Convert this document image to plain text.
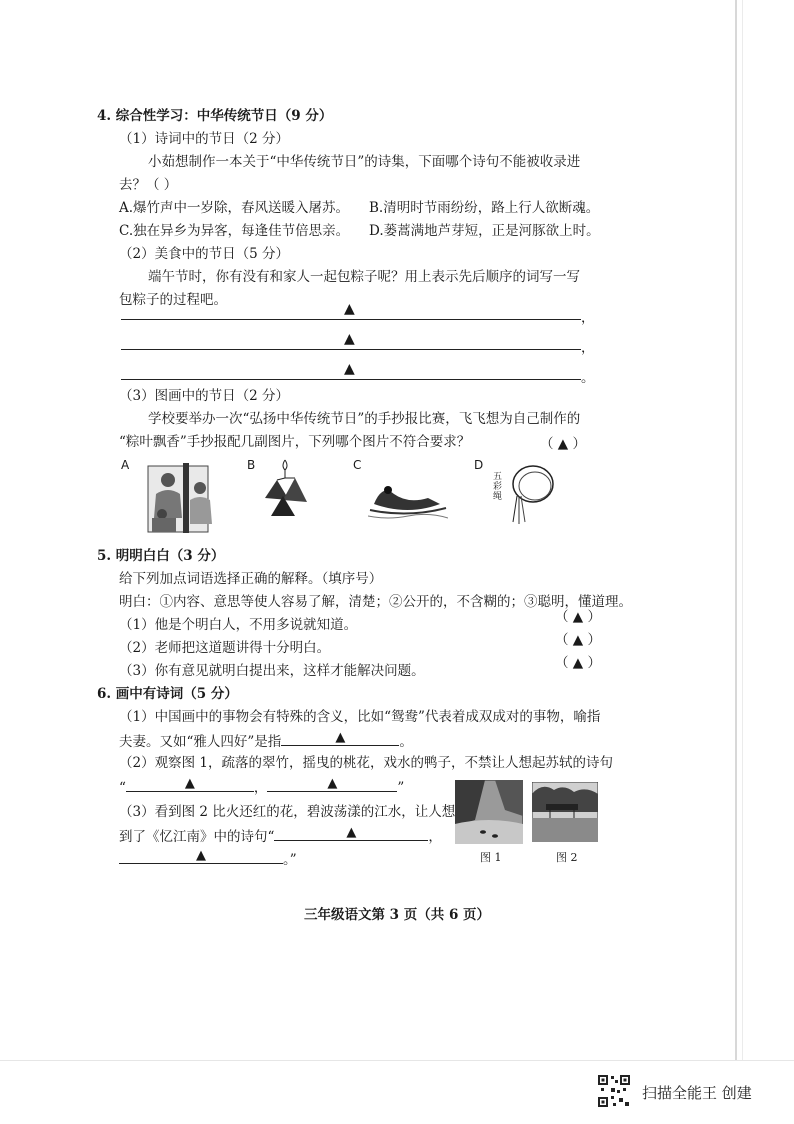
4. 综合性学习：中华传统节日（9 分）
（1）诗词中的节日（2 分）
小茹想制作一本关于“中华传统节日”的诗集，下面哪个诗句不能被收录进
去？（ ）
A.爆竹声中一岁除，春风送暖入屠苏。 B.清明时节雨纷纷，路上行人欲断魂。
C.独在异乡为异客，每逢佳节倍思亲。 D.蒌蒿满地芦芽短，正是河豚欲上时。
（2）美食中的节日（5 分）
端午节时，你有没有和家人一起包粽子呢？用上表示先后顺序的词写一写
包粽子的过程吧。
▲
，
▲
，
▲
。
（3）图画中的节日（2 分）
学校要举办一次“弘扬中华传统节日”的手抄报比赛，飞飞想为自己制作的
“粽叶飘香”手抄报配几副图片，下列哪个图片不符合要求？	（ ▲ ）
A	B	C	D
五彩绳
5. 明明白白（3 分）
给下列加点词语选择正确的解释。（填序号）
明白：①内容、意思等使人容易了解，清楚；②公开的，不含糊的；③聪明，懂道理。
（1）他是个明白人，不用多说就知道。	（ ▲ ）
（2）老师把这道题讲得十分明白。	（ ▲ ）
（3）你有意见就明白提出来，这样才能解决问题。	（ ▲ ）
6. 画中有诗词（5 分）
（1）中国画中的事物会有特殊的含义，比如“鸳鸯”代表着成双成对的事物，喻指
夫妻。又如“雅人四好”是指	▲	。
（2）观察图 1，疏落的翠竹，摇曳的桃花，戏水的鸭子，不禁让人想起苏轼的诗句
“	▲	，	▲	”
（3）看到图 2 比火还红的花，碧波荡漾的江水，让人想
到了《忆江南》中的诗句“	▲	，
▲	。”	图 1	图 2
三年级语文第 3 页（共 6 页）
扫描全能王 创建
